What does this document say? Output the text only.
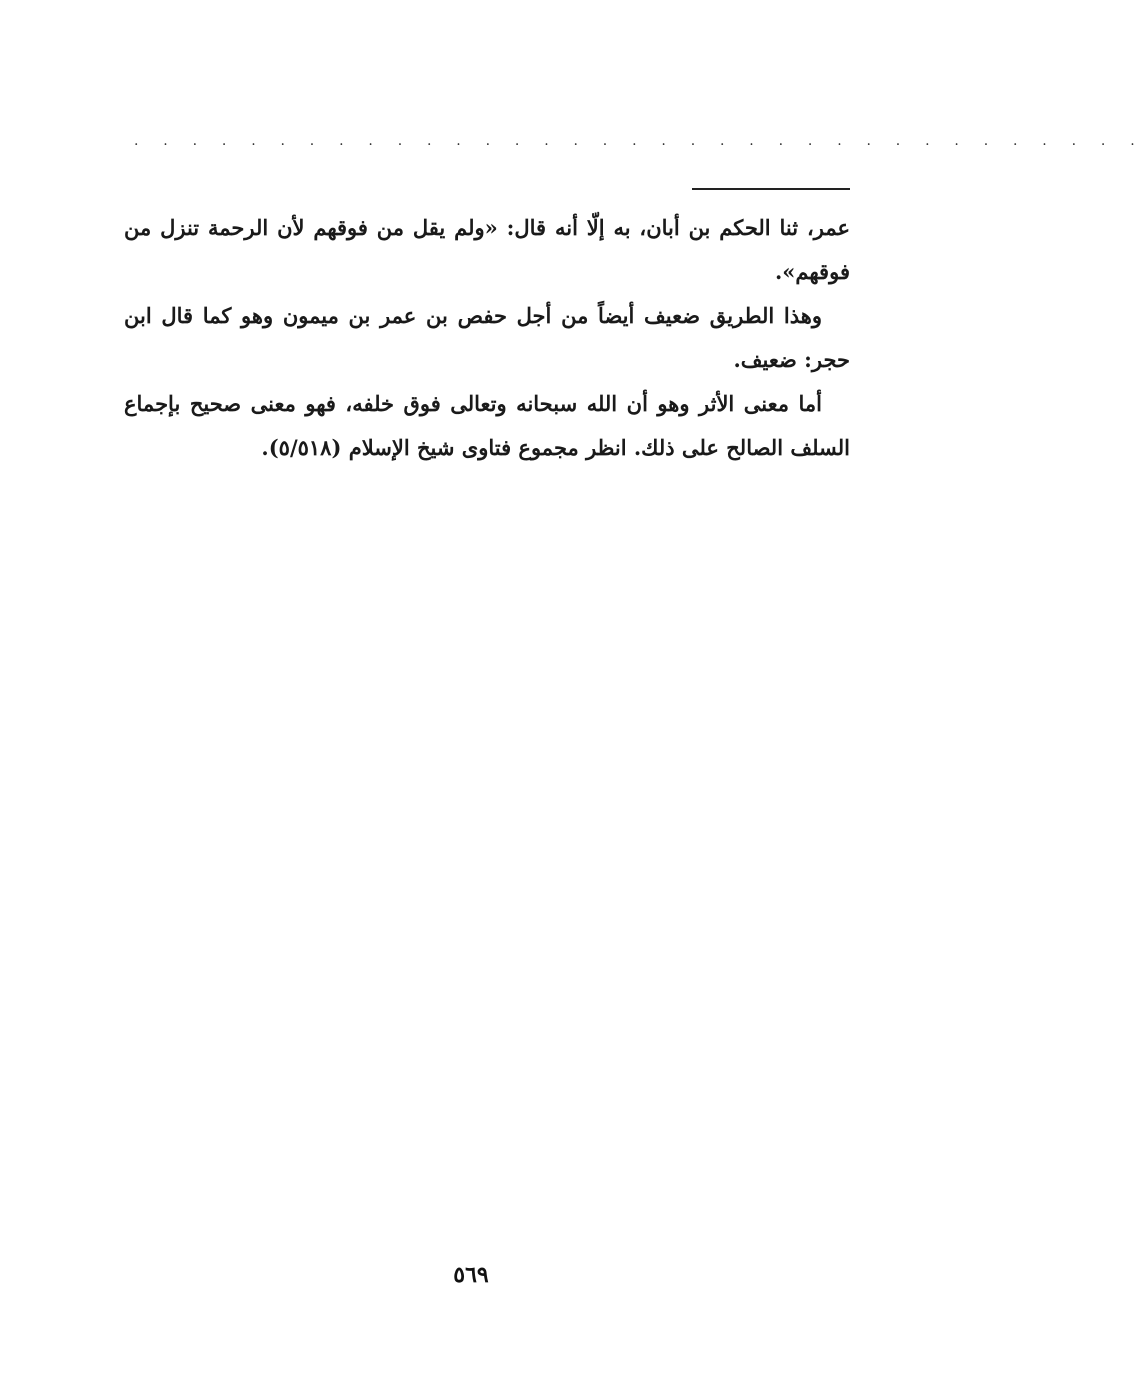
. . . . . . . . . . . . . . . . . . . . . . . . . . . . . . . . . . .

عمر، ثنا الحكم بن أبان، به إلّا أنه قال: «ولم يقل من فوقهم لأن الرحمة تنزل من فوقهم».

وهذا الطريق ضعيف أيضاً من أجل حفص بن عمر بن ميمون وهو كما قال ابن حجر: ضعيف.

أما معنى الأثر وهو أن الله سبحانه وتعالى فوق خلفه، فهو معنى صحيح بإجماع السلف الصالح على ذلك. انظر مجموع فتاوى شيخ الإسلام (٥/٥١٨).

٥٦٩
